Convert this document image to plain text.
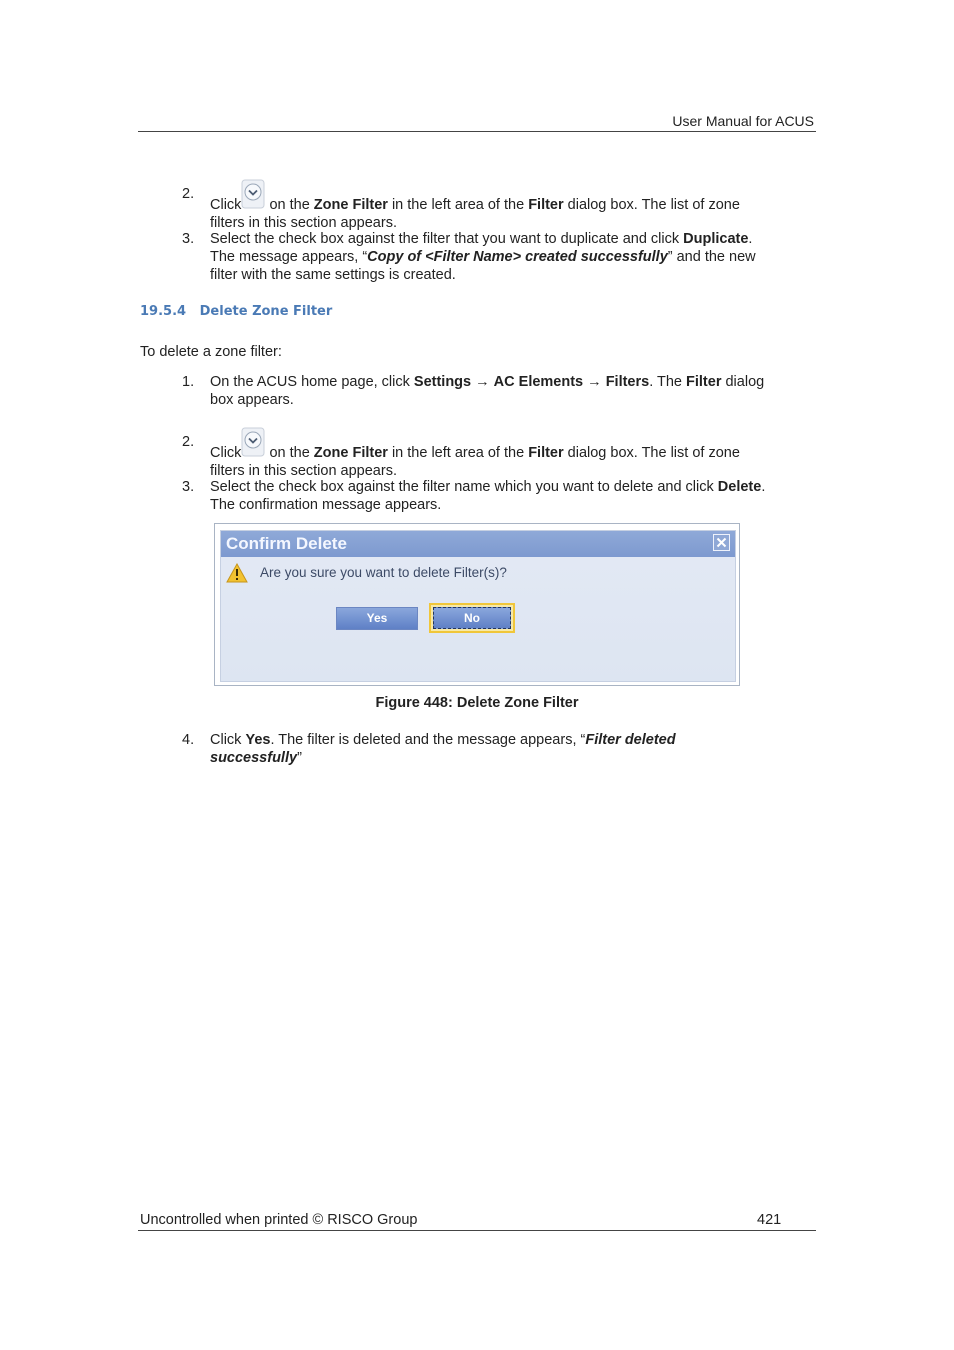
User Manual for ACUS
2.
Click
on the Zone Filter in the left area of the Filter dialog box. The list of zone
filters in this section appears.
3.	Select the check box against the filter that you want to duplicate and click Duplicate.
The message appears, “Copy of <Filter Name> created successfully” and the new
filter with the same settings is created.
19.5.4 Delete Zone Filter
To delete a zone filter:
1.	On the ACUS home page, click Settings → AC Elements → Filters. The Filter dialog
box appears.
2.
Click
on the Zone Filter in the left area of the Filter dialog box. The list of zone
filters in this section appears.
3.	Select the check box against the filter name which you want to delete and click Delete.
The confirmation message appears.
Confirm Delete
Are you sure you want to delete Filter(s)?
Yes	No
Figure 448: Delete Zone Filter
4.	Click Yes. The filter is deleted and the message appears, “Filter deleted
successfully”
Uncontrolled when printed © RISCO Group	421
